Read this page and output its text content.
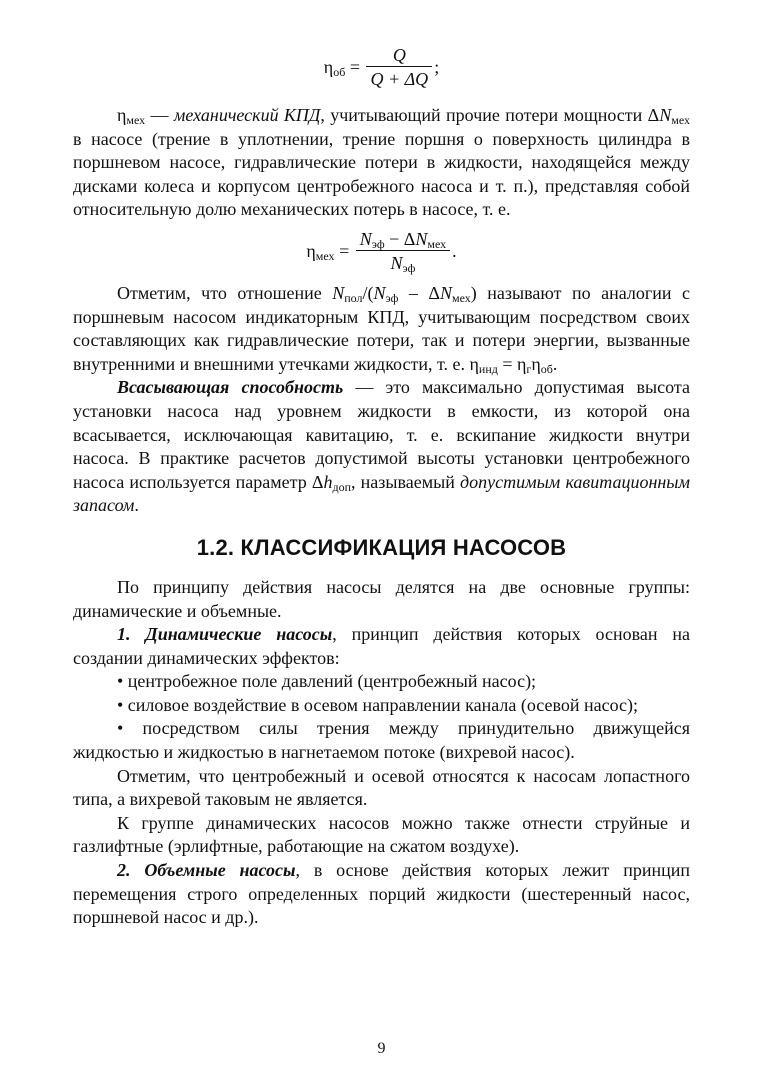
$\eta_{об} = \frac{Q}{Q + \Delta Q}$ ;

$\eta_{мех}$ — механический КПД, учитывающий прочие потери мощности $\Delta N_{мех}$ в насосе (трение в уплотнении, трение поршня о поверхность цилиндра в поршневом насосе, гидравлические потери в жидкости, находящейся между дисками колеса и корпусом центробежного насоса и т. п.), представляя собой относительную долю механических потерь в насосе, т. е.

$\eta_{мех} = \frac{N_{эф} - \Delta N_{мех}}{N_{эф}}$ .

Отметим, что отношение $N_{пол}/(N_{эф} - \Delta N_{мех})$ называют по аналогии с поршневым насосом индикаторным КПД, учитывающим посредством своих составляющих как гидравлические потери, так и потери энергии, вызванные внутренними и внешними утечками жидкости, т. е. $\eta_{инд} = \eta_г\eta_{об}$.

Всасывающая способность — это максимально допустимая высота установки насоса над уровнем жидкости в емкости, из которой она всасывается, исключающая кавитацию, т. е. вскипание жидкости внутри насоса. В практике расчетов допустимой высоты установки центробежного насоса используется параметр $\Delta h_{доп}$, называемый допустимым кавитационным запасом.

1.2. КЛАССИФИКАЦИЯ НАСОСОВ

По принципу действия насосы делятся на две основные группы: динамические и объемные.

1. Динамические насосы, принцип действия которых основан на создании динамических эффектов:

• центробежное поле давлений (центробежный насос);

• силовое воздействие в осевом направлении канала (осевой насос);

• посредством силы трения между принудительно движущейся жидкостью и жидкостью в нагнетаемом потоке (вихревой насос).

Отметим, что центробежный и осевой относятся к насосам лопастного типа, а вихревой таковым не является.

К группе динамических насосов можно также отнести струйные и газлифтные (эрлифтные, работающие на сжатом воздухе).

2. Объемные насосы, в основе действия которых лежит принцип перемещения строго определенных порций жидкости (шестеренный насос, поршневой насос и др.).

9
